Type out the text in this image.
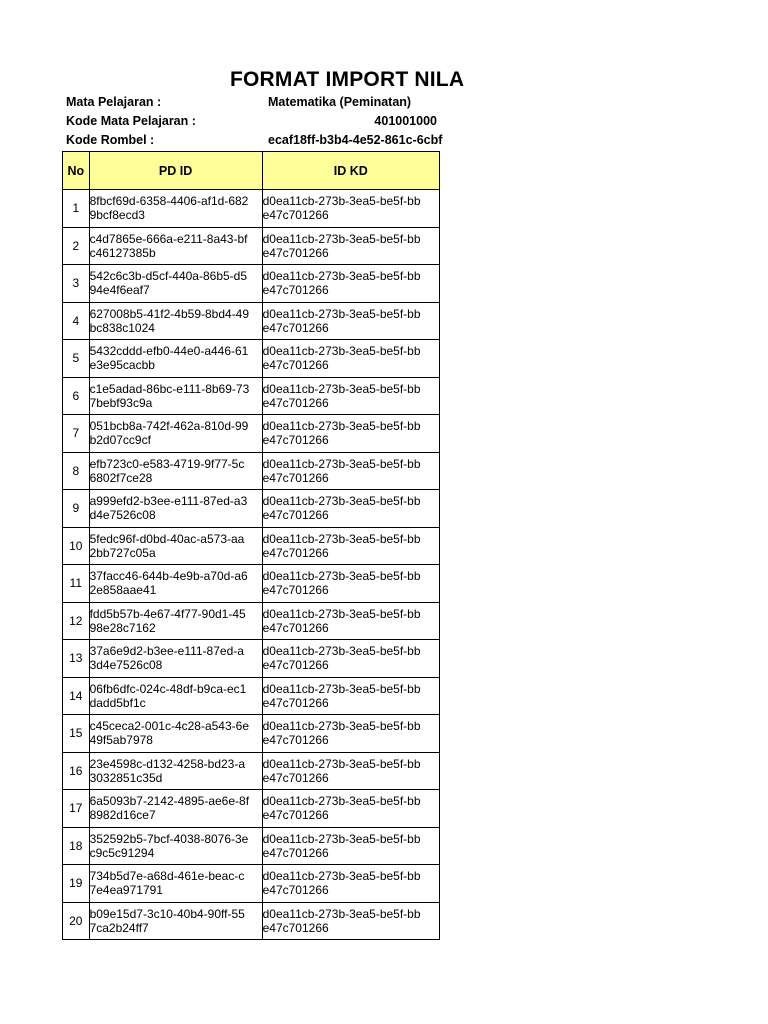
FORMAT IMPORT NILA
Mata Pelajaran :	Matematika (Peminatan)
Kode Mata Pelajaran :	401001000
Kode Rombel :	ecaf18ff-b3b4-4e52-861c-6cbf
No	PD ID	ID KD
1	8fbcf69d-6358-4406-af1d-6829bcf8ecd3	d0ea11cb-273b-3ea5-be5f-bbe47c701266

2	c4d7865e-666a-e211-8a43-bfc46127385b	d0ea11cb-273b-3ea5-be5f-bbe47c701266

3	542c6c3b-d5cf-440a-86b5-d594e4f6eaf7	d0ea11cb-273b-3ea5-be5f-bbe47c701266

4	627008b5-41f2-4b59-8bd4-49bc838c1024	d0ea11cb-273b-3ea5-be5f-bbe47c701266

5	5432cddd-efb0-44e0-a446-61e3e95cacbb	d0ea11cb-273b-3ea5-be5f-bbe47c701266

6	c1e5adad-86bc-e111-8b69-737bebf93c9a	d0ea11cb-273b-3ea5-be5f-bbe47c701266

7	051bcb8a-742f-462a-810d-99b2d07cc9cf	d0ea11cb-273b-3ea5-be5f-bbe47c701266

8	efb723c0-e583-4719-9f77-5c6802f7ce28	d0ea11cb-273b-3ea5-be5f-bbe47c701266

9	a999efd2-b3ee-e111-87ed-a3d4e7526c08	d0ea11cb-273b-3ea5-be5f-bbe47c701266

10	5fedc96f-d0bd-40ac-a573-aa2bb727c05a	d0ea11cb-273b-3ea5-be5f-bbe47c701266

11	37facc46-644b-4e9b-a70d-a62e858aae41	d0ea11cb-273b-3ea5-be5f-bbe47c701266

12	fdd5b57b-4e67-4f77-90d1-4598e28c7162	d0ea11cb-273b-3ea5-be5f-bbe47c701266

13	37a6e9d2-b3ee-e111-87ed-a3d4e7526c08	d0ea11cb-273b-3ea5-be5f-bbe47c701266

14	06fb6dfc-024c-48df-b9ca-ec1dadd5bf1c	d0ea11cb-273b-3ea5-be5f-bbe47c701266

15	c45ceca2-001c-4c28-a543-6e49f5ab7978	d0ea11cb-273b-3ea5-be5f-bbe47c701266

16	23e4598c-d132-4258-bd23-a3032851c35d	d0ea11cb-273b-3ea5-be5f-bbe47c701266

17	6a5093b7-2142-4895-ae6e-8f8982d16ce7	d0ea11cb-273b-3ea5-be5f-bbe47c701266

18	352592b5-7bcf-4038-8076-3ec9c5c91294	d0ea11cb-273b-3ea5-be5f-bbe47c701266

19	734b5d7e-a68d-461e-beac-c7e4ea971791	d0ea11cb-273b-3ea5-be5f-bbe47c701266

20	b09e15d7-3c10-40b4-90ff-557ca2b24ff7	d0ea11cb-273b-3ea5-be5f-bbe47c701266
